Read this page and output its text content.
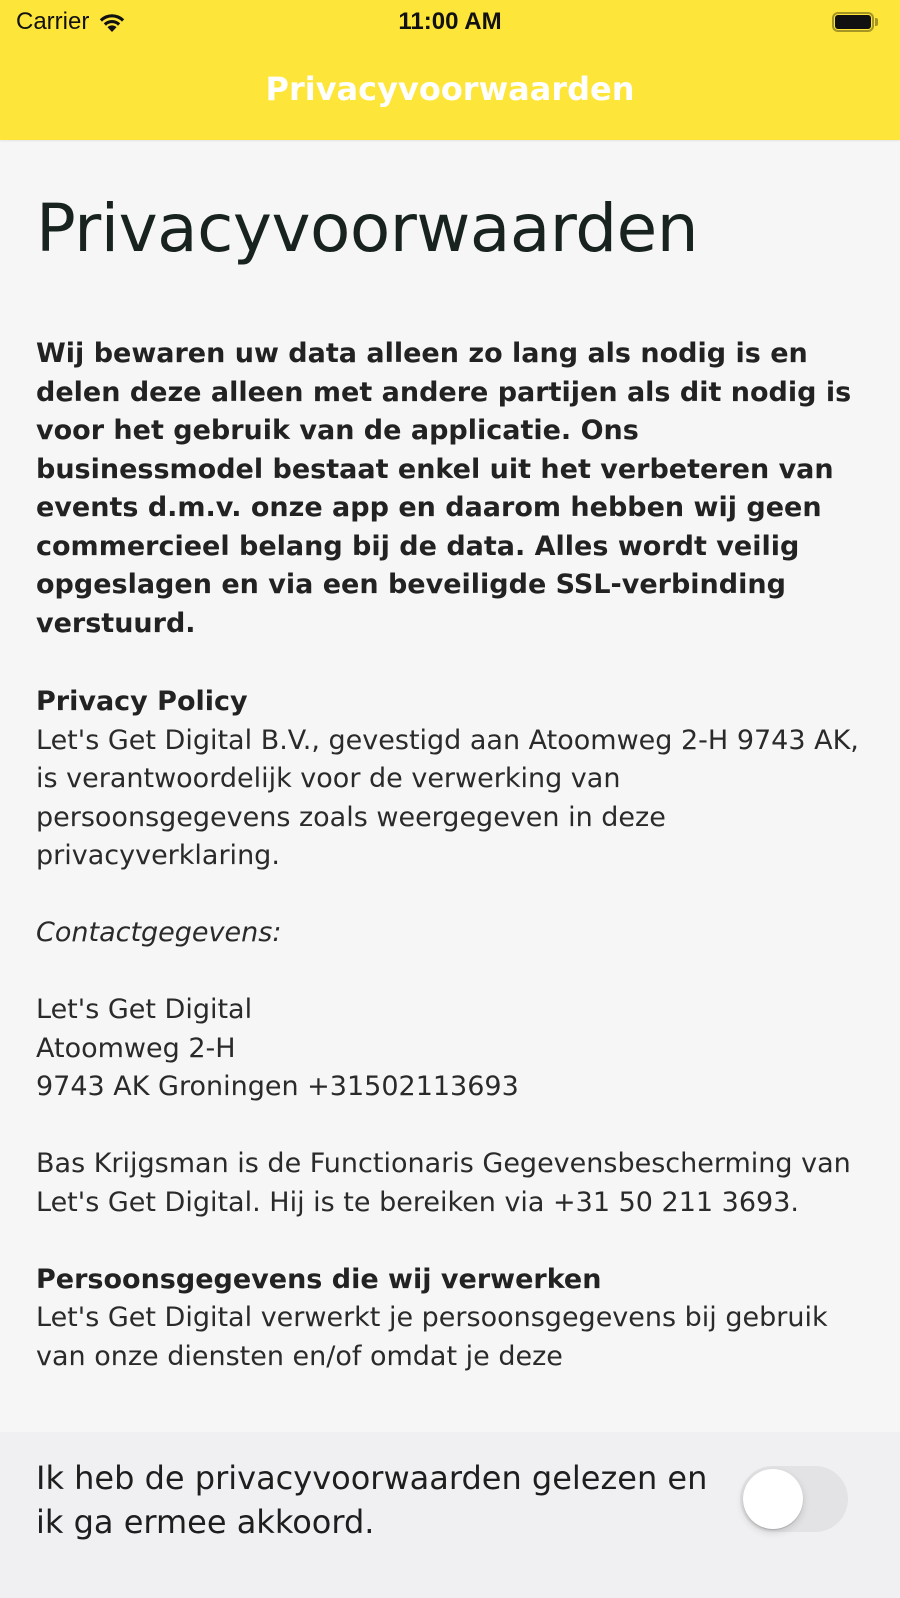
Carrier	11:00 AM
Privacyvoorwaarden
Privacyvoorwaarden

Wij bewaren uw data alleen zo lang als nodig is en delen deze alleen met andere partijen als dit nodig is voor het gebruik van de applicatie. Ons businessmodel bestaat enkel uit het verbeteren van events d.m.v. onze app en daarom hebben wij geen commercieel belang bij de data. Alles wordt veilig opgeslagen en via een beveiligde SSL-verbinding verstuurd.

Privacy Policy

Let's Get Digital B.V., gevestigd aan Atoomweg 2-H 9743 AK, is verantwoordelijk voor de verwerking van persoonsgegevens zoals weergegeven in deze privacyverklaring.

Contactgegevens:

Let's Get Digital

Atoomweg 2-H

9743 AK Groningen +31502113693

Bas Krijgsman is de Functionaris Gegevensbescherming van Let's Get Digital. Hij is te bereiken via +31 50 211 3693.

Persoonsgegevens die wij verwerken

Let's Get Digital verwerkt je persoonsgegevens bij gebruik van onze diensten en/of omdat je deze

Ik heb de privacyvoorwaarden gelezen en ik ga ermee akkoord.
